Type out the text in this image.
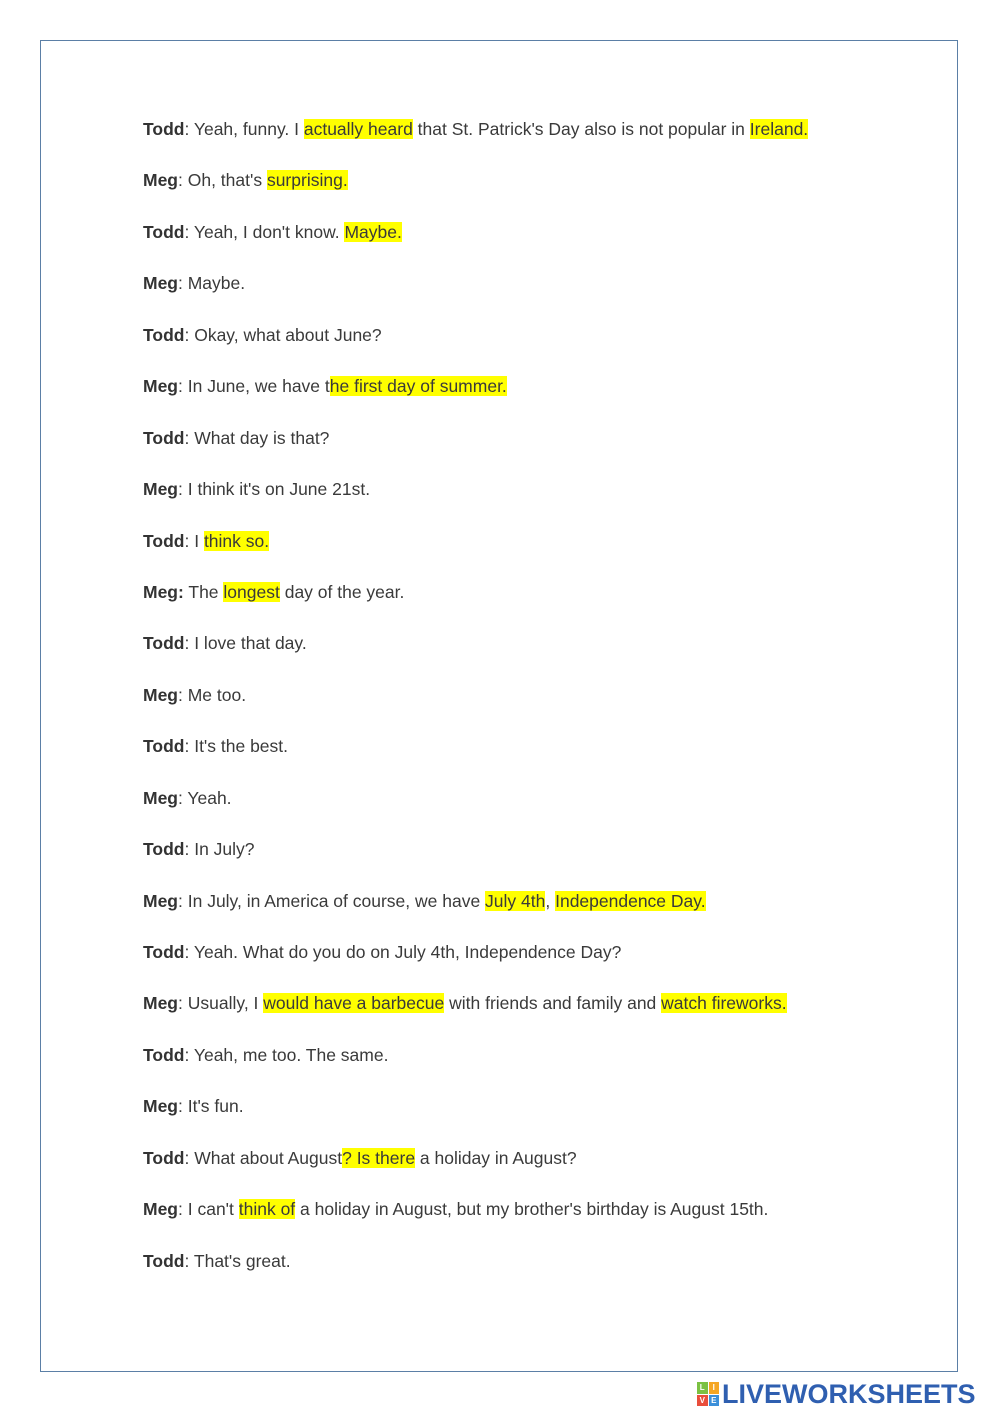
Todd: Yeah, funny. I actually heard that St. Patrick's Day also is not popular in Ireland.
Meg: Oh, that's surprising.
Todd: Yeah, I don't know. Maybe.
Meg: Maybe.
Todd: Okay, what about June?
Meg: In June, we have the first day of summer.
Todd: What day is that?
Meg: I think it's on June 21st.
Todd: I think so.
Meg: The longest day of the year.
Todd: I love that day.
Meg: Me too.
Todd: It's the best.
Meg: Yeah.
Todd: In July?
Meg: In July, in America of course, we have July 4th, Independence Day.
Todd: Yeah. What do you do on July 4th, Independence Day?
Meg: Usually, I would have a barbecue with friends and family and watch fireworks.
Todd: Yeah, me too. The same.
Meg: It's fun.
Todd: What about August? Is there a holiday in August?
Meg: I can't think of a holiday in August, but my brother's birthday is August 15th.
Todd: That's great.
L I
V E LIVEWORKSHEETS
